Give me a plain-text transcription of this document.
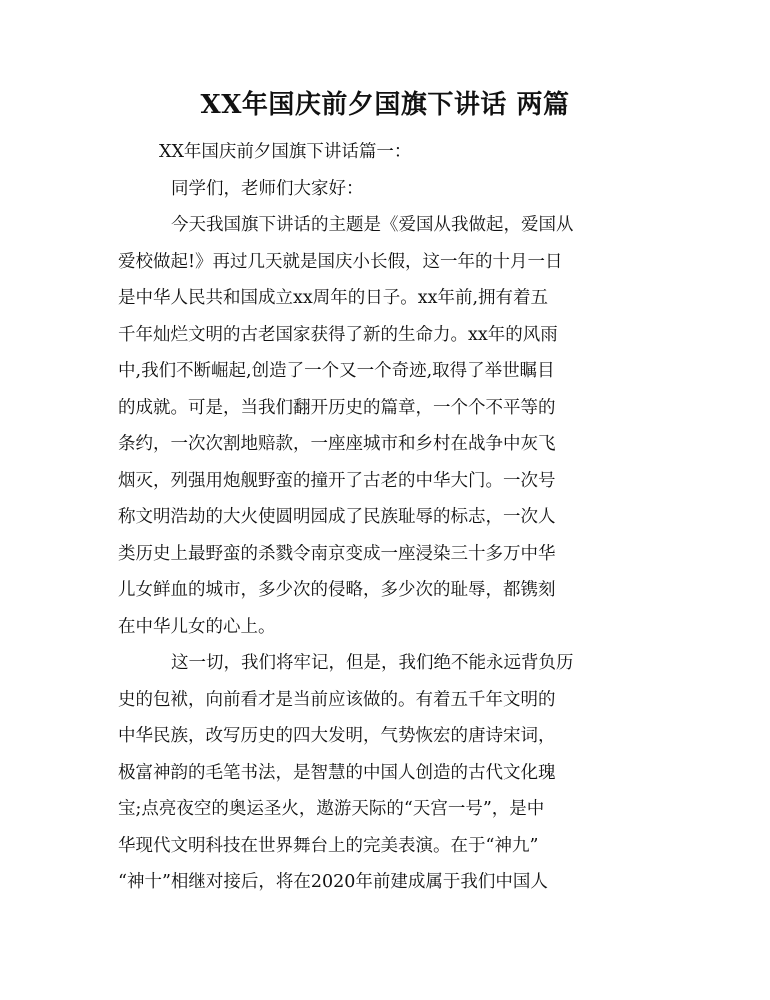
XX年国庆前夕国旗下讲话 两篇

XX年国庆前夕国旗下讲话篇一：

同学们，老师们大家好：

今天我国旗下讲话的主题是《爱国从我做起，爱国从

爱校做起!》再过几天就是国庆小长假，这一年的十月一日

是中华人民共和国成立xx周年的日子。xx年前,拥有着五

千年灿烂文明的古老国家获得了新的生命力。xx年的风雨

中,我们不断崛起,创造了一个又一个奇迹,取得了举世瞩目

的成就。可是，当我们翻开历史的篇章，一个个不平等的

条约，一次次割地赔款，一座座城市和乡村在战争中灰飞

烟灭，列强用炮舰野蛮的撞开了古老的中华大门。一次号

称文明浩劫的大火使圆明园成了民族耻辱的标志，一次人

类历史上最野蛮的杀戮令南京变成一座浸染三十多万中华

儿女鲜血的城市，多少次的侵略，多少次的耻辱，都镌刻

在中华儿女的心上。

这一切，我们将牢记，但是，我们绝不能永远背负历

史的包袱，向前看才是当前应该做的。有着五千年文明的

中华民族，改写历史的四大发明，气势恢宏的唐诗宋词，

极富神韵的毛笔书法，是智慧的中国人创造的古代文化瑰

宝;点亮夜空的奥运圣火，遨游天际的“天宫一号”，是中

华现代文明科技在世界舞台上的完美表演。在于“神九”

“神十”相继对接后，将在2020年前建成属于我们中国人
